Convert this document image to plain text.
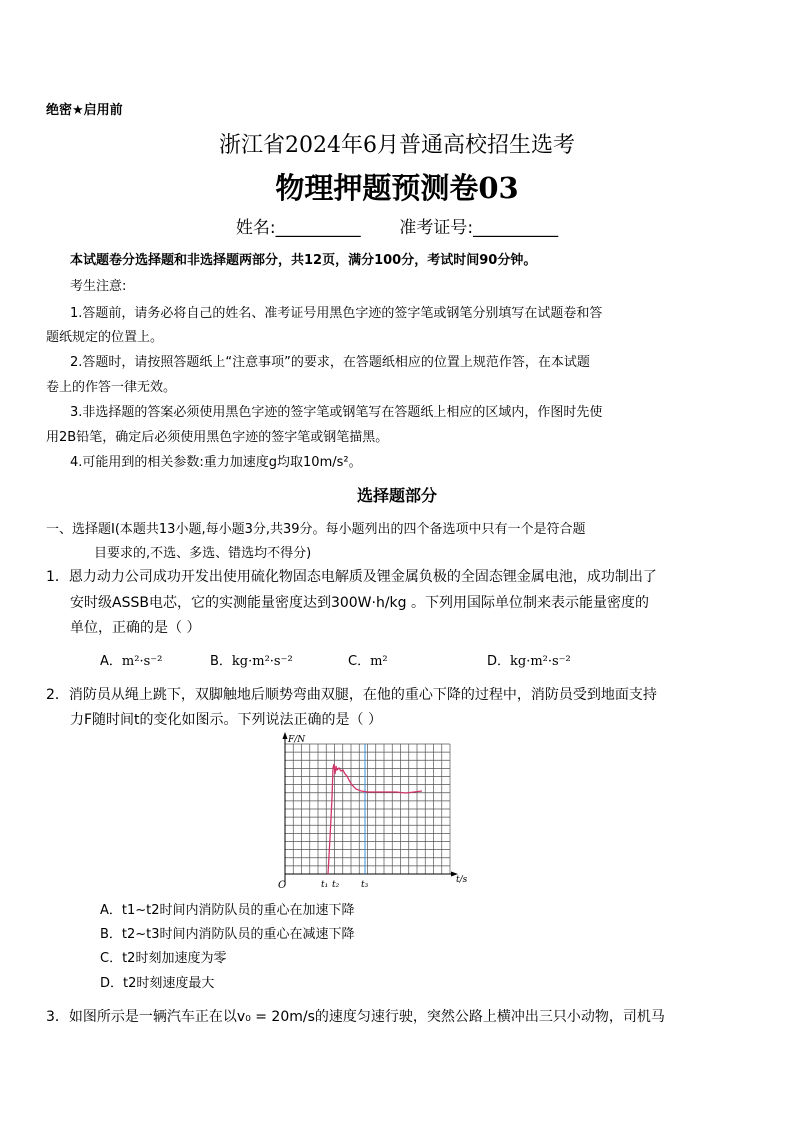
绝密★启用前
浙江省2024年6月普通高校招生选考
物理押题预测卷03
姓名:__________ 准考证号:__________
本试题卷分选择题和非选择题两部分，共12页，满分100分，考试时间90分钟。
考生注意:
1.答题前，请务必将自己的姓名、准考证号用黑色字迹的签字笔或钢笔分别填写在试题卷和答
题纸规定的位置上。
2.答题时，请按照答题纸上“注意事项”的要求，在答题纸相应的位置上规范作答，在本试题
卷上的作答一律无效。
3.非选择题的答案必须使用黑色字迹的签字笔或钢笔写在答题纸上相应的区域内，作图时先使
用2B铅笔，确定后必须使用黑色字迹的签字笔或钢笔描黑。
4.可能用到的相关参数:重力加速度g均取10m/s²。
选择题部分
一、选择题Ⅰ(本题共13小题,每小题3分,共39分。每小题列出的四个备选项中只有一个是符合题
目要求的,不选、多选、错选均不得分)
1．恩力动力公司成功开发出使用硫化物固态电解质及锂金属负极的全固态锂金属电池，成功制出了
安时级ASSB电芯，它的实测能量密度达到300W·h/kg 。下列用国际单位制来表示能量密度的
单位，正确的是（ ）
A．m²·s⁻²	B．kg·m²·s⁻²	C．m²	D．kg·m²·s⁻²
2．消防员从绳上跳下，双脚触地后顺势弯曲双腿，在他的重心下降的过程中，消防员受到地面支持
力F随时间t的变化如图示。下列说法正确的是（ ）
F/N
t/s
O	t₁ t₂ t₃
A．t1~t2时间内消防队员的重心在加速下降
B．t2~t3时间内消防队员的重心在减速下降
C．t2时刻加速度为零
D．t2时刻速度最大
3．如图所示是一辆汽车正在以v₀ = 20m/s的速度匀速行驶，突然公路上横冲出三只小动物，司机马
